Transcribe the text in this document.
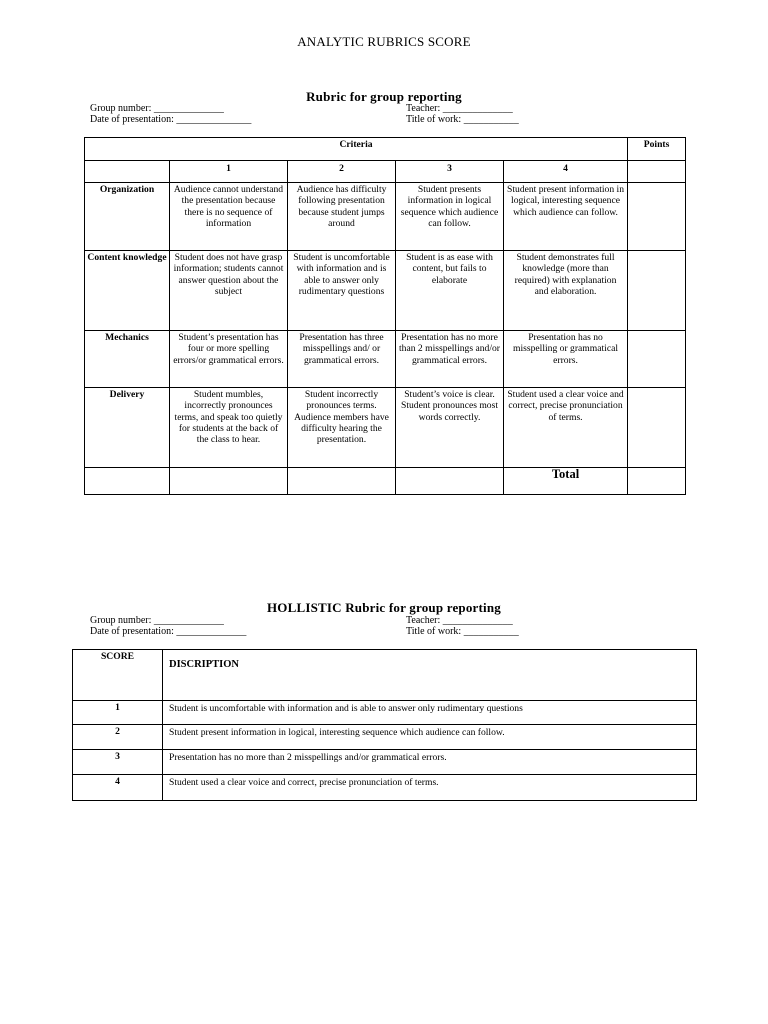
ANALYTIC RUBRICS SCORE
Rubric for group reporting
Group number: ______________
Date of presentation: _______________
Teacher: ______________
Title of work: ___________
Criteria					Points
	1	2	3	4	
Organization	Audience cannot understand the presentation because there is no sequence of information	Audience has difficulty following presentation because student jumps around	Student presents information in logical sequence which audience can follow.	Student present information in logical, interesting sequence which audience can follow.	
Content knowledge	Student does not have grasp information; students cannot answer question about the subject	Student is uncomfortable with information and is able to answer only rudimentary questions	Student is as ease with content, but fails to elaborate	Student demonstrates full knowledge (more than required) with explanation and elaboration.	
Mechanics	Student’s presentation has four or more spelling errors/or grammatical errors.	Presentation has three misspellings and/ or grammatical errors.	Presentation has no more than 2 misspellings and/or grammatical errors.	Presentation has no misspelling or grammatical errors.	
Delivery	Student mumbles, incorrectly pronounces terms, and speak too quietly for students at the back of the class to hear.	Student incorrectly pronounces terms. Audience members have difficulty hearing the presentation.	Student’s voice is clear. Student pronounces most words correctly.	Student used a clear voice and correct, precise pronunciation of terms.	
				Total	
HOLLISTIC Rubric for group reporting
Group number: ______________
Date of presentation: ______________
Teacher: ______________
Title of work: ___________
SCORE	DISCRIPTION
1	Student is uncomfortable with information and is able to answer only rudimentary questions
2	Student present information in logical, interesting sequence which audience can follow.
3	Presentation has no more than 2 misspellings and/or grammatical errors.
4	Student used a clear voice and correct, precise pronunciation of terms.
